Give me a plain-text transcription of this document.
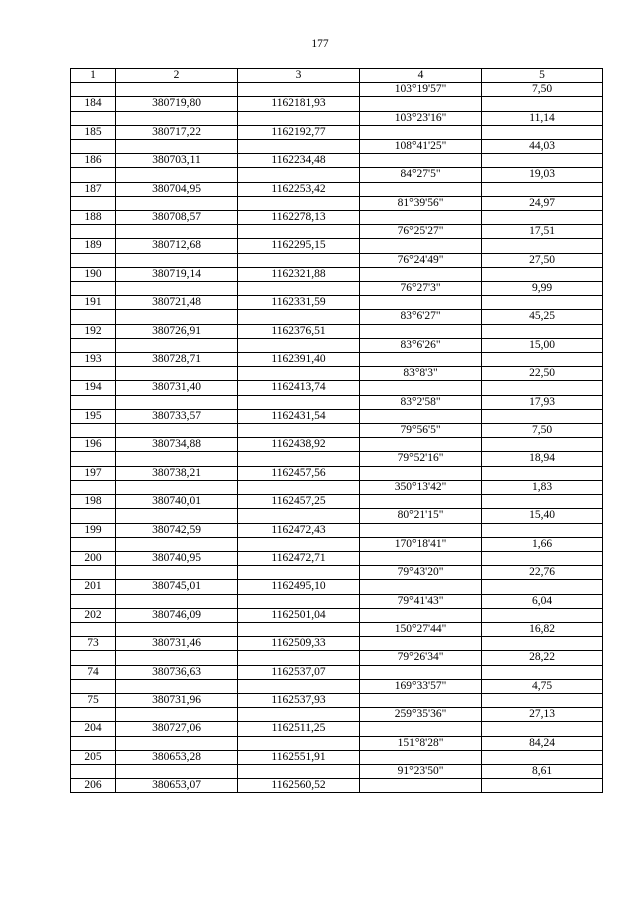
177
1	2	3	4	5
			103°19'57"	7,50
184	380719,80	1162181,93		
			103°23'16"	11,14
185	380717,22	1162192,77		
			108°41'25"	44,03
186	380703,11	1162234,48		
			84°27'5"	19,03
187	380704,95	1162253,42		
			81°39'56"	24,97
188	380708,57	1162278,13		
			76°25'27"	17,51
189	380712,68	1162295,15		
			76°24'49"	27,50
190	380719,14	1162321,88		
			76°27'3"	9,99
191	380721,48	1162331,59		
			83°6'27"	45,25
192	380726,91	1162376,51		
			83°6'26"	15,00
193	380728,71	1162391,40		
			83°8'3"	22,50
194	380731,40	1162413,74		
			83°2'58"	17,93
195	380733,57	1162431,54		
			79°56'5"	7,50
196	380734,88	1162438,92		
			79°52'16"	18,94
197	380738,21	1162457,56		
			350°13'42"	1,83
198	380740,01	1162457,25		
			80°21'15"	15,40
199	380742,59	1162472,43		
			170°18'41"	1,66
200	380740,95	1162472,71		
			79°43'20"	22,76
201	380745,01	1162495,10		
			79°41'43"	6,04
202	380746,09	1162501,04		
			150°27'44"	16,82
73	380731,46	1162509,33		
			79°26'34"	28,22
74	380736,63	1162537,07		
			169°33'57"	4,75
75	380731,96	1162537,93		
			259°35'36"	27,13
204	380727,06	1162511,25		
			151°8'28"	84,24
205	380653,28	1162551,91		
			91°23'50"	8,61
206	380653,07	1162560,52		
